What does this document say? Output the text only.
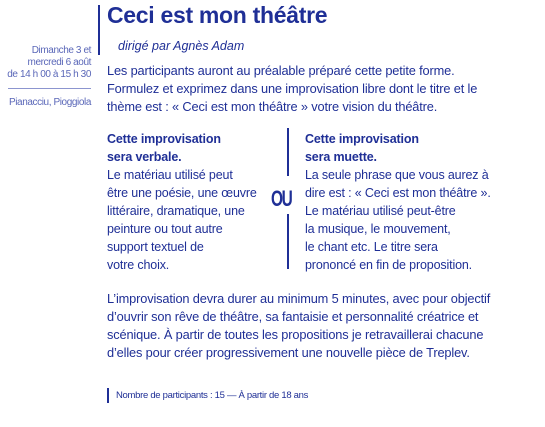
Ceci est mon théâtre
dirigé par Agnès Adam
Dimanche 3 et
mercredi 6 août
de 14 h 00 à 15 h 30
Pianacciu, Pioggiola
Les participants auront au préalable préparé cette petite forme. Formulez et exprimez dans une improvisation libre dont le titre et le thème est : « Ceci est mon théâtre » votre vision du théâtre.
Cette improvisation
sera verbale.
Le matériau utilisé peut
être une poésie, une œuvre
littéraire, dramatique, une
peinture ou tout autre
support textuel de
votre choix.
OU
Cette improvisation
sera muette.
La seule phrase que vous aurez à
dire est : « Ceci est mon théâtre ».
Le matériau utilisé peut-être
la musique, le mouvement,
le chant etc. Le titre sera
prononcé en fin de proposition.
L’improvisation devra durer au minimum 5 minutes, avec pour objectif d’ouvrir son rêve de théâtre, sa fantaisie et personnalité créatrice et scénique. À partir de toutes les propositions je retravaillerai chacune d’elles pour créer progressivement une nouvelle pièce de Treplev.
Nombre de participants : 15 — À partir de 18 ans
